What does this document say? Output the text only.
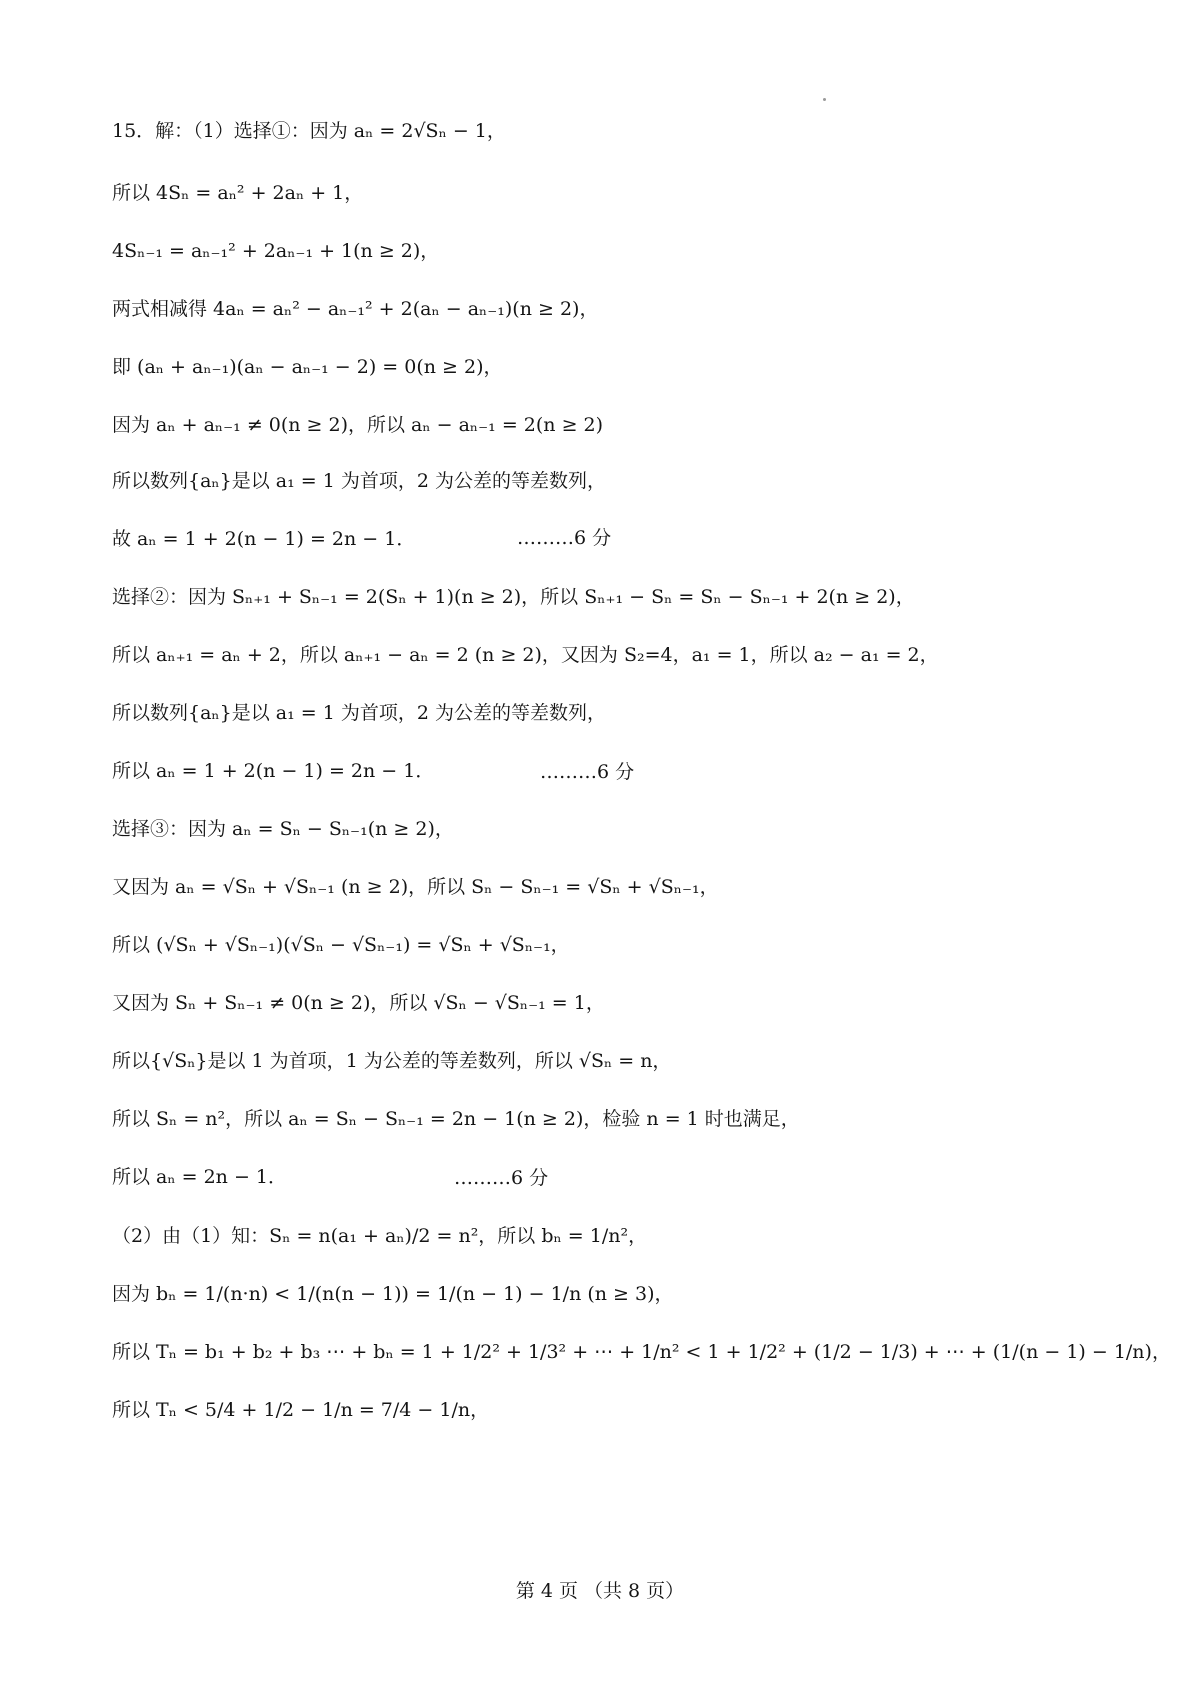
15．解：（1）选择①：因为 aₙ = 2√Sₙ − 1，
所以 4Sₙ = aₙ² + 2aₙ + 1，
4Sₙ₋₁ = aₙ₋₁² + 2aₙ₋₁ + 1(n ≥ 2)，
两式相减得 4aₙ = aₙ² − aₙ₋₁² + 2(aₙ − aₙ₋₁)(n ≥ 2)，
即 (aₙ + aₙ₋₁)(aₙ − aₙ₋₁ − 2) = 0(n ≥ 2)，
因为 aₙ + aₙ₋₁ ≠ 0(n ≥ 2)，所以 aₙ − aₙ₋₁ = 2(n ≥ 2)
所以数列{aₙ}是以 a₁ = 1 为首项，2 为公差的等差数列，
故 aₙ = 1 + 2(n − 1) = 2n − 1．
选择②：因为 Sₙ₊₁ + Sₙ₋₁ = 2(Sₙ + 1)(n ≥ 2)，所以 Sₙ₊₁ − Sₙ = Sₙ − Sₙ₋₁ + 2(n ≥ 2)，
所以 aₙ₊₁ = aₙ + 2，所以 aₙ₊₁ − aₙ = 2 (n ≥ 2)，又因为 S₂=4，a₁ = 1，所以 a₂ − a₁ = 2，
所以数列{aₙ}是以 a₁ = 1 为首项，2 为公差的等差数列，
所以 aₙ = 1 + 2(n − 1) = 2n − 1．
选择③：因为 aₙ = Sₙ − Sₙ₋₁(n ≥ 2)，
又因为 aₙ = √Sₙ + √Sₙ₋₁ (n ≥ 2)，所以 Sₙ − Sₙ₋₁ = √Sₙ + √Sₙ₋₁，
所以 (√Sₙ + √Sₙ₋₁)(√Sₙ − √Sₙ₋₁) = √Sₙ + √Sₙ₋₁，
又因为 Sₙ + Sₙ₋₁ ≠ 0(n ≥ 2)，所以 √Sₙ − √Sₙ₋₁ = 1，
所以{√Sₙ}是以 1 为首项，1 为公差的等差数列，所以 √Sₙ = n，
所以 Sₙ = n²，所以 aₙ = Sₙ − Sₙ₋₁ = 2n − 1(n ≥ 2)，检验 n = 1 时也满足，
所以 aₙ = 2n − 1．
（2）由（1）知：Sₙ = n(a₁ + aₙ)/2 = n²，所以 bₙ = 1/n²，
因为 bₙ = 1/(n·n) < 1/(n(n − 1)) = 1/(n − 1) − 1/n (n ≥ 3)，
所以 Tₙ = b₁ + b₂ + b₃ ⋯ + bₙ = 1 + 1/2² + 1/3² + ⋯ + 1/n² < 1 + 1/2² + (1/2 − 1/3) + ⋯ + (1/(n − 1) − 1/n)，
所以 Tₙ < 5/4 + 1/2 − 1/n = 7/4 − 1/n，
………6 分
………6 分
………6 分
第 4 页 （共 8 页）
